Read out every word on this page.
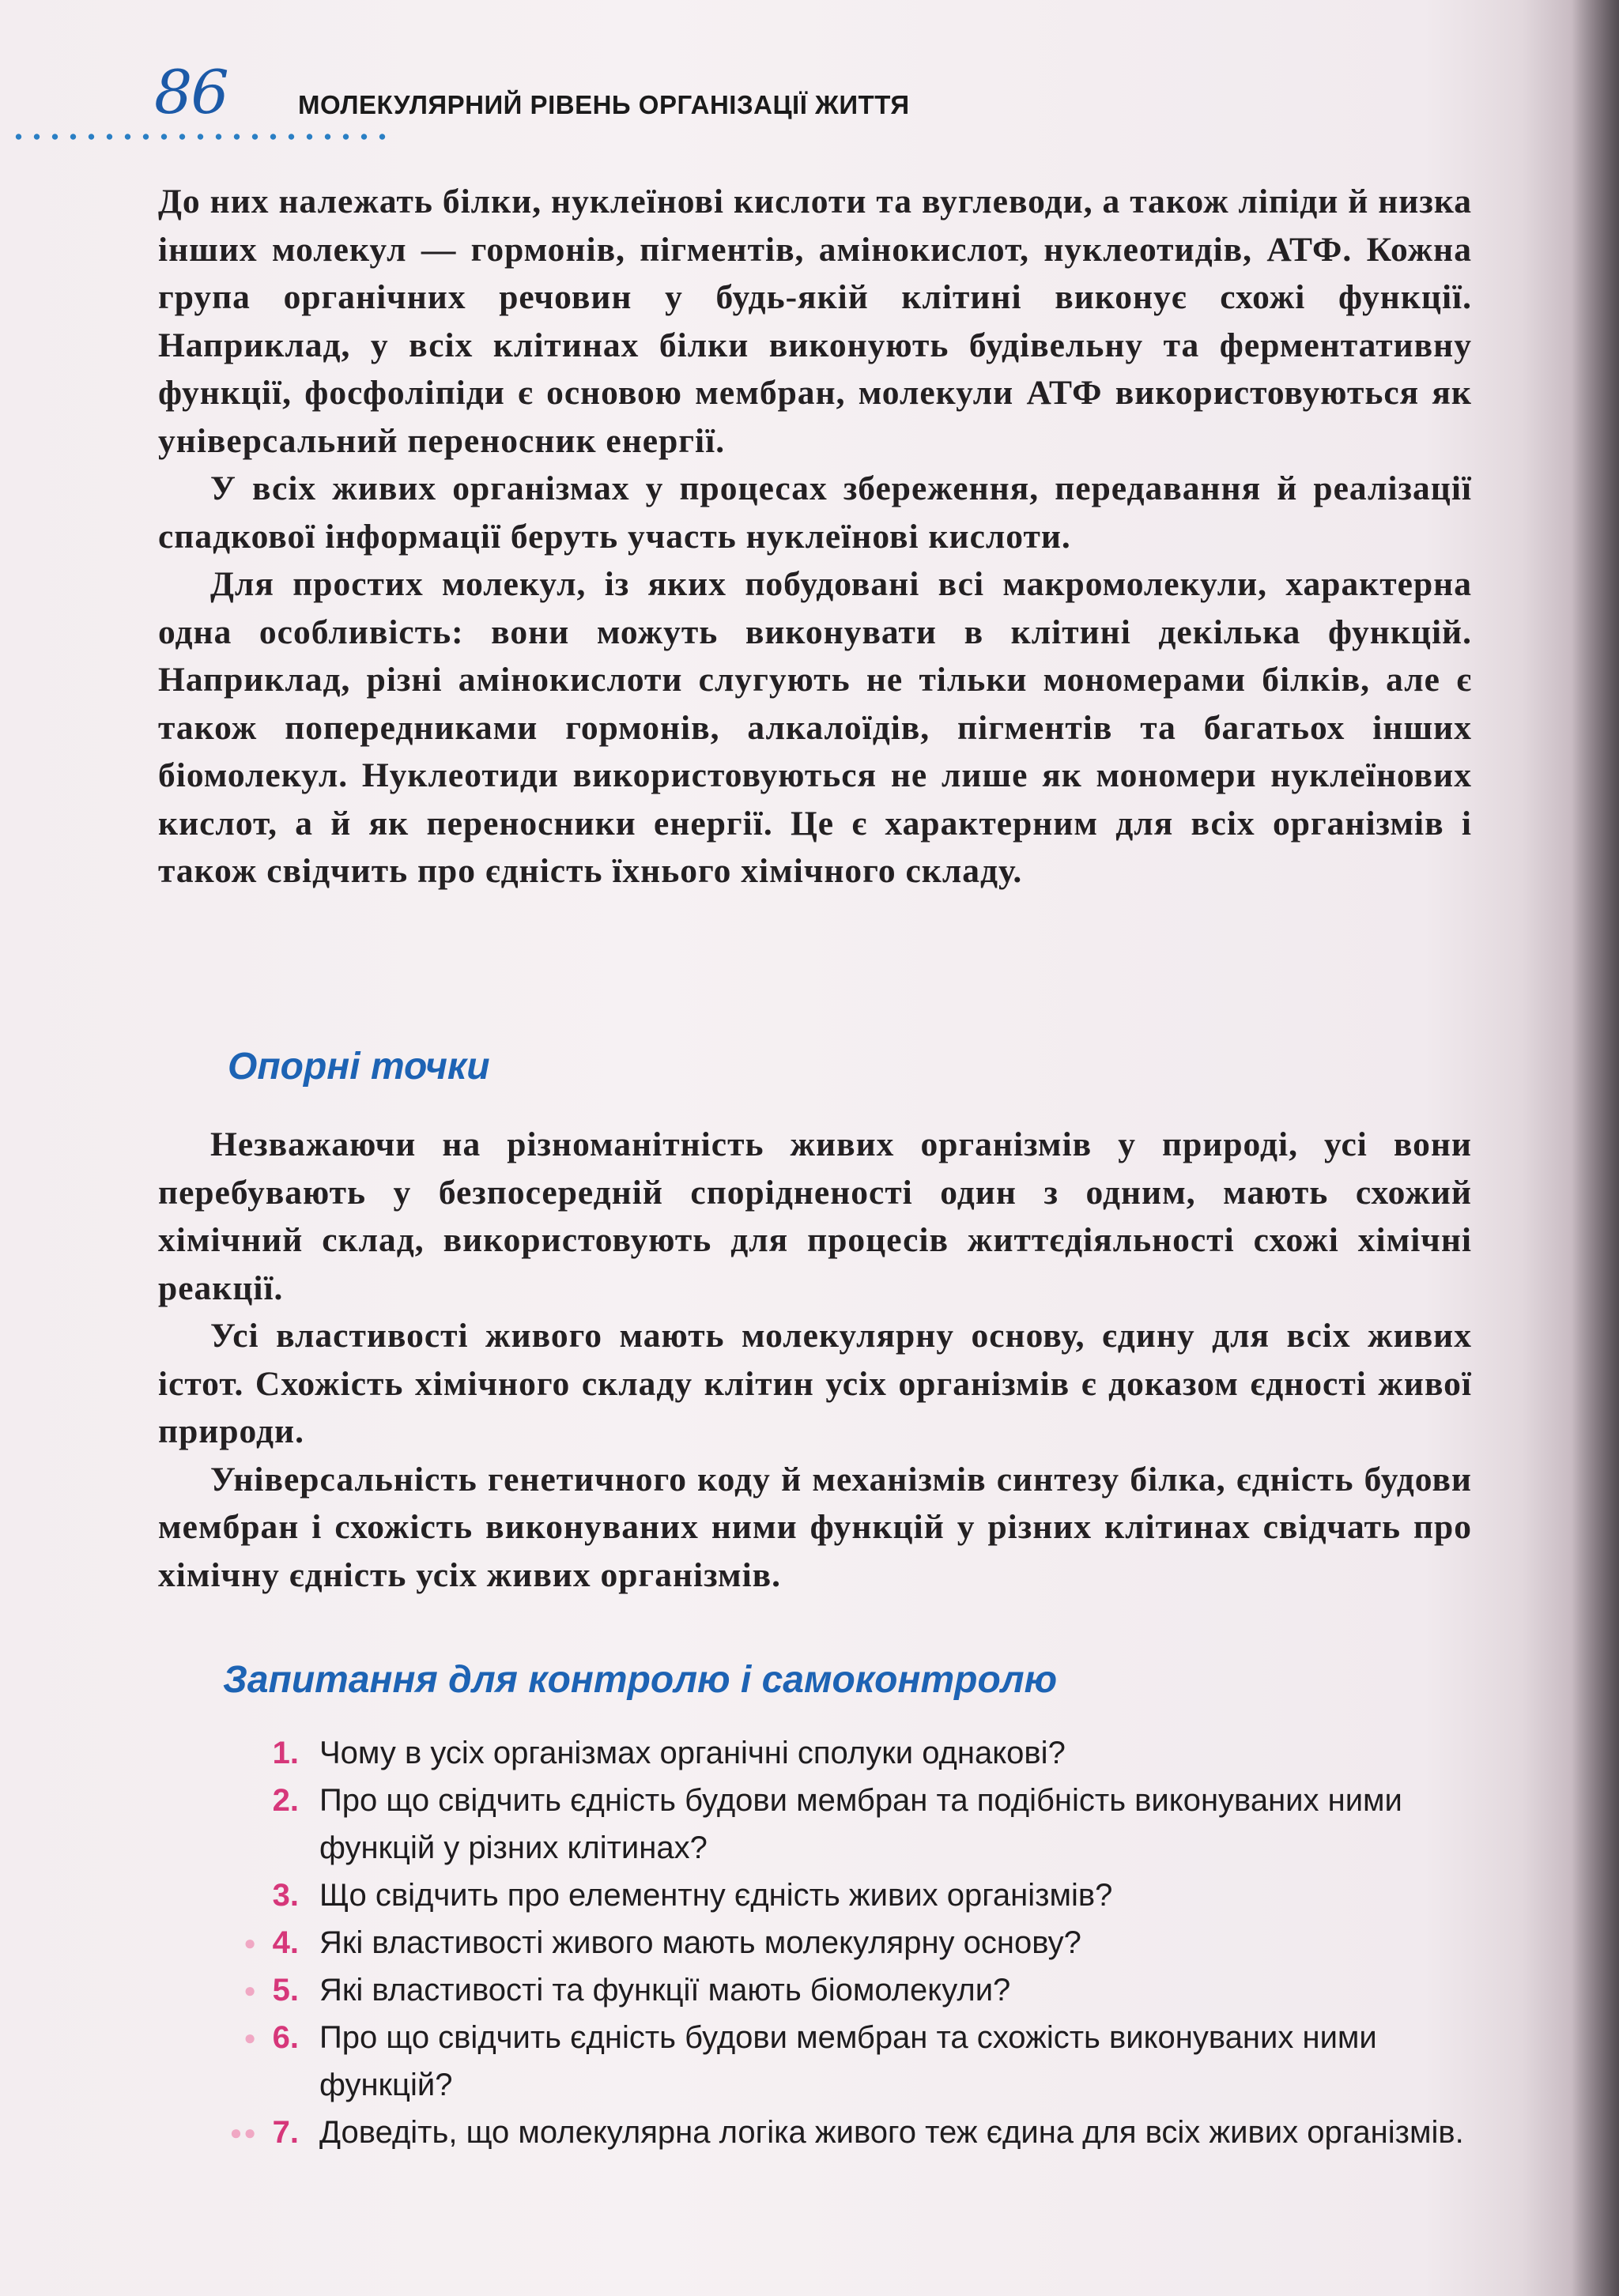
86	МОЛЕКУЛЯРНИЙ РІВЕНЬ ОРГАНІЗАЦІЇ ЖИТТЯ

До них належать білки, нуклеїнові кислоти та вуглеводи, а також ліпіди й низка інших молекул — гормонів, пігментів, амінокислот, нуклеотидів, АТФ. Кожна група органічних речовин у будь-якій клітині виконує схожі функції. Наприклад, у всіх клітинах білки виконують будівельну та ферментативну функції, фосфоліпіди є основою мембран, молекули АТФ використовуються як універсальний переносник енергії.

У всіх живих організмах у процесах збереження, передавання й реалізації спадкової інформації беруть участь нуклеїнові кислоти.

Для простих молекул, із яких побудовані всі макромолекули, характерна одна особливість: вони можуть виконувати в клітині декілька функцій. Наприклад, різні амінокислоти слугують не тільки мономерами білків, але є також попередниками гормонів, алкалоїдів, пігментів та багатьох інших біомолекул. Нуклеотиди використовуються не лише як мономери нуклеїнових кислот, а й як переносники енергії. Це є характерним для всіх організмів і також свідчить про єдність їхнього хімічного складу.

Опорні точки

Незважаючи на різноманітність живих організмів у природі, усі вони перебувають у безпосередній спорідненості один з одним, мають схожий хімічний склад, використовують для процесів життєдіяльності схожі хімічні реакції.

Усі властивості живого мають молекулярну основу, єдину для всіх живих істот. Схожість хімічного складу клітин усіх організмів є доказом єдності живої природи.

Універсальність генетичного коду й механізмів синтезу білка, єдність будови мембран і схожість виконуваних ними функцій у різних клітинах свідчать про хімічну єдність усіх живих організмів.

Запитання для контролю і самоконтролю
1. Чому в усіх організмах органічні сполуки однакові?
2. Про що свідчить єдність будови мембран та подібність виконуваних ними функцій у різних клітинах?
3. Що свідчить про елементну єдність живих організмів?
● 4. Які властивості живого мають молекулярну основу?
● 5. Які властивості та функції мають біомолекули?
● 6. Про що свідчить єдність будови мембран та схожість виконуваних ними функцій?
●● 7. Доведіть, що молекулярна логіка живого теж єдина для всіх живих організмів.
